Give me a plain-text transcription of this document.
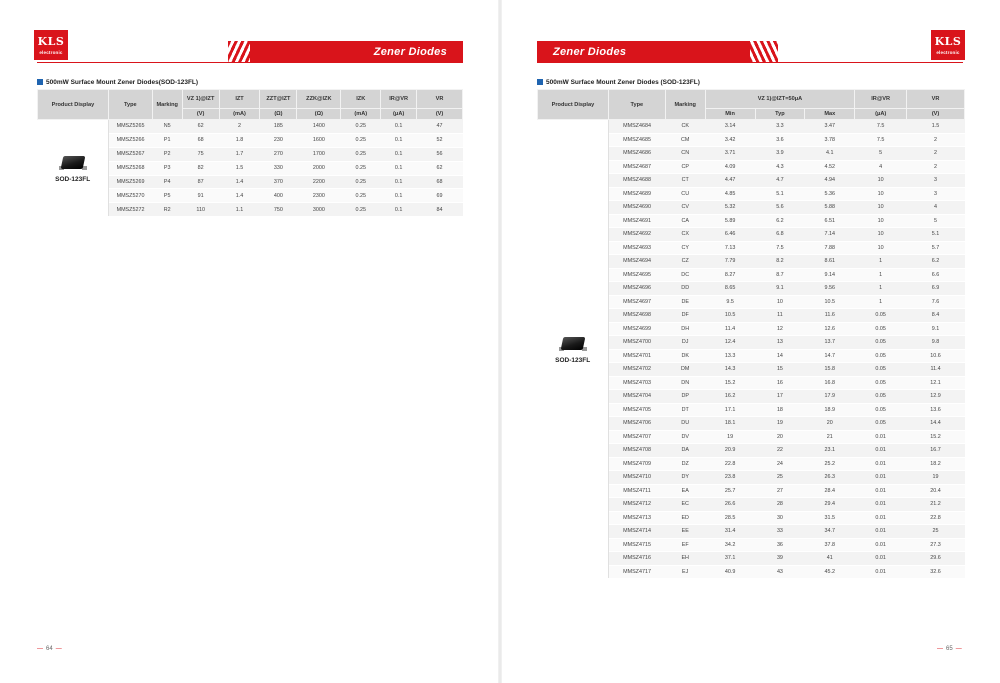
KLS
electronic	Zener Diodes
500mW Surface Mount Zener Diodes(SOD-123FL)
Product Display	Type	Marking	VZ 1)@IZT	IZT	ZZT@IZT	ZZK@IZK	IZK	IR@VR	VR
			(V)	(mA)	(Ω)	(Ω)	(mA)	(μA)	(V)

SOD-123FL	MMSZ5265	N5	62	2	185	1400	0.25	0.1	47
	MMSZ5266	P1	68	1.8	230	1600	0.25	0.1	52
	MMSZ5267	P2	75	1.7	270	1700	0.25	0.1	56
	MMSZ5268	P3	82	1.5	330	2000	0.25	0.1	62
	MMSZ5269	P4	87	1.4	370	2200	0.25	0.1	68
	MMSZ5270	P5	91	1.4	400	2300	0.25	0.1	69
	MMSZ5272	R2	110	1.1	750	3000	0.25	0.1	84
— 64 —
Zener Diodes
KLS
electronic
500mW Surface Mount Zener Diodes (SOD-123FL)
— 65 —
Product Display	Type	Marking	VZ 1)@IZT=50μA			IR@VR	VR
			Min	Typ	Max	(μA)	(V)

SOD-123FL	MMSZ4684	CK	3.14	3.3	3.47	7.5	1.5
	MMSZ4685	CM	3.42	3.6	3.78	7.5	2
	MMSZ4686	CN	3.71	3.9	4.1	5	2
	MMSZ4687	CP	4.09	4.3	4.52	4	2
	MMSZ4688	CT	4.47	4.7	4.94	10	3
	MMSZ4689	CU	4.85	5.1	5.36	10	3
	MMSZ4690	CV	5.32	5.6	5.88	10	4
	MMSZ4691	CA	5.89	6.2	6.51	10	5
	MMSZ4692	CX	6.46	6.8	7.14	10	5.1
	MMSZ4693	CY	7.13	7.5	7.88	10	5.7
	MMSZ4694	CZ	7.79	8.2	8.61	1	6.2
	MMSZ4695	DC	8.27	8.7	9.14	1	6.6
	MMSZ4696	DD	8.65	9.1	9.56	1	6.9
	MMSZ4697	DE	9.5	10	10.5	1	7.6
	MMSZ4698	DF	10.5	11	11.6	0.05	8.4
	MMSZ4699	DH	11.4	12	12.6	0.05	9.1
	MMSZ4700	DJ	12.4	13	13.7	0.05	9.8
	MMSZ4701	DK	13.3	14	14.7	0.05	10.6
	MMSZ4702	DM	14.3	15	15.8	0.05	11.4
	MMSZ4703	DN	15.2	16	16.8	0.05	12.1
	MMSZ4704	DP	16.2	17	17.9	0.05	12.9
	MMSZ4705	DT	17.1	18	18.9	0.05	13.6
	MMSZ4706	DU	18.1	19	20	0.05	14.4
	MMSZ4707	DV	19	20	21	0.01	15.2
	MMSZ4708	DA	20.9	22	23.1	0.01	16.7
	MMSZ4709	DZ	22.8	24	25.2	0.01	18.2
	MMSZ4710	DY	23.8	25	26.3	0.01	19
	MMSZ4711	EA	25.7	27	28.4	0.01	20.4
	MMSZ4712	EC	26.6	28	29.4	0.01	21.2
	MMSZ4713	ED	28.5	30	31.5	0.01	22.8
	MMSZ4714	EE	31.4	33	34.7	0.01	25
	MMSZ4715	EF	34.2	36	37.8	0.01	27.3
	MMSZ4716	EH	37.1	39	41	0.01	29.6
	MMSZ4717	EJ	40.9	43	45.2	0.01	32.6
